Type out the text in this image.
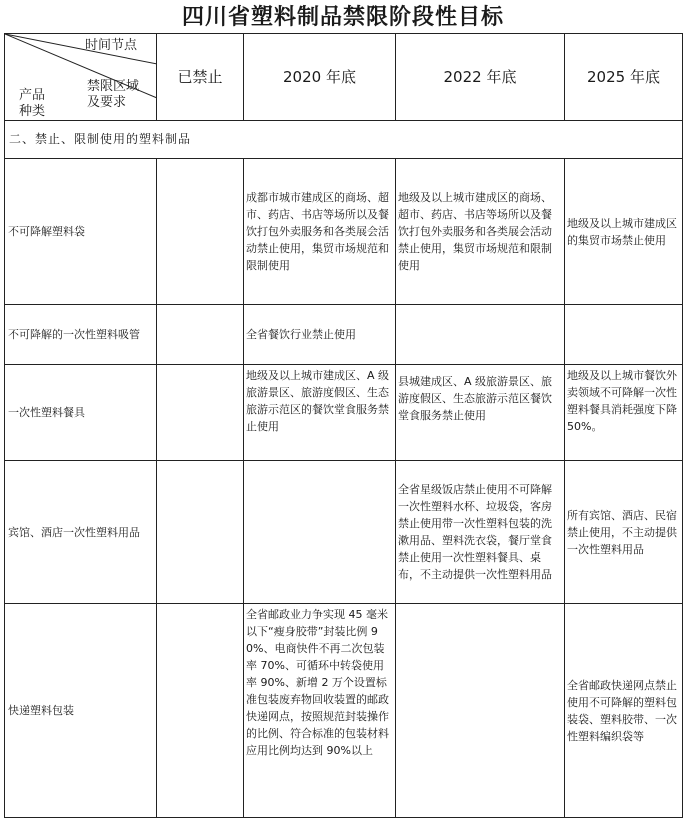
四川省塑料制品禁限阶段性目标
时间节点
禁限区域
及要求
产品
种类	已禁止	2020 年底	2022 年底	2025 年底
二、禁止、限制使用的塑料制品				
不可降解塑料袋		成都市城市建成区的商场、超市、药店、书店等场所以及餐饮打包外卖服务和各类展会活动禁止使用，集贸市场规范和限制使用	地级及以上城市建成区的商场、超市、药店、书店等场所以及餐饮打包外卖服务和各类展会活动禁止使用，集贸市场规范和限制使用	地级及以上城市建成区的集贸市场禁止使用
不可降解的一次性塑料吸管		全省餐饮行业禁止使用		
一次性塑料餐具		地级及以上城市建成区、A 级旅游景区、旅游度假区、生态旅游示范区的餐饮堂食服务禁止使用	县城建成区、A 级旅游景区、旅游度假区、生态旅游示范区餐饮堂食服务禁止使用	地级及以上城市餐饮外卖领域不可降解一次性塑料餐具消耗强度下降 50%。
宾馆、酒店一次性塑料用品			全省星级饭店禁止使用不可降解一次性塑料水杯、垃圾袋，客房禁止使用带一次性塑料包装的洗漱用品、塑料洗衣袋，餐厅堂食禁止使用一次性塑料餐具、桌布，不主动提供一次性塑料用品	所有宾馆、酒店、民宿禁止使用，不主动提供一次性塑料用品
快递塑料包装		全省邮政业力争实现 45 毫米以下“瘦身胶带”封装比例 90%、电商快件不再二次包装率 70%、可循环中转袋使用率 90%、新增 2 万个设置标准包装废弃物回收装置的邮政快递网点，按照规范封装操作的比例、符合标准的包装材料应用比例均达到 90%以上		全省邮政快递网点禁止使用不可降解的塑料包装袋、塑料胶带、一次性塑料编织袋等
